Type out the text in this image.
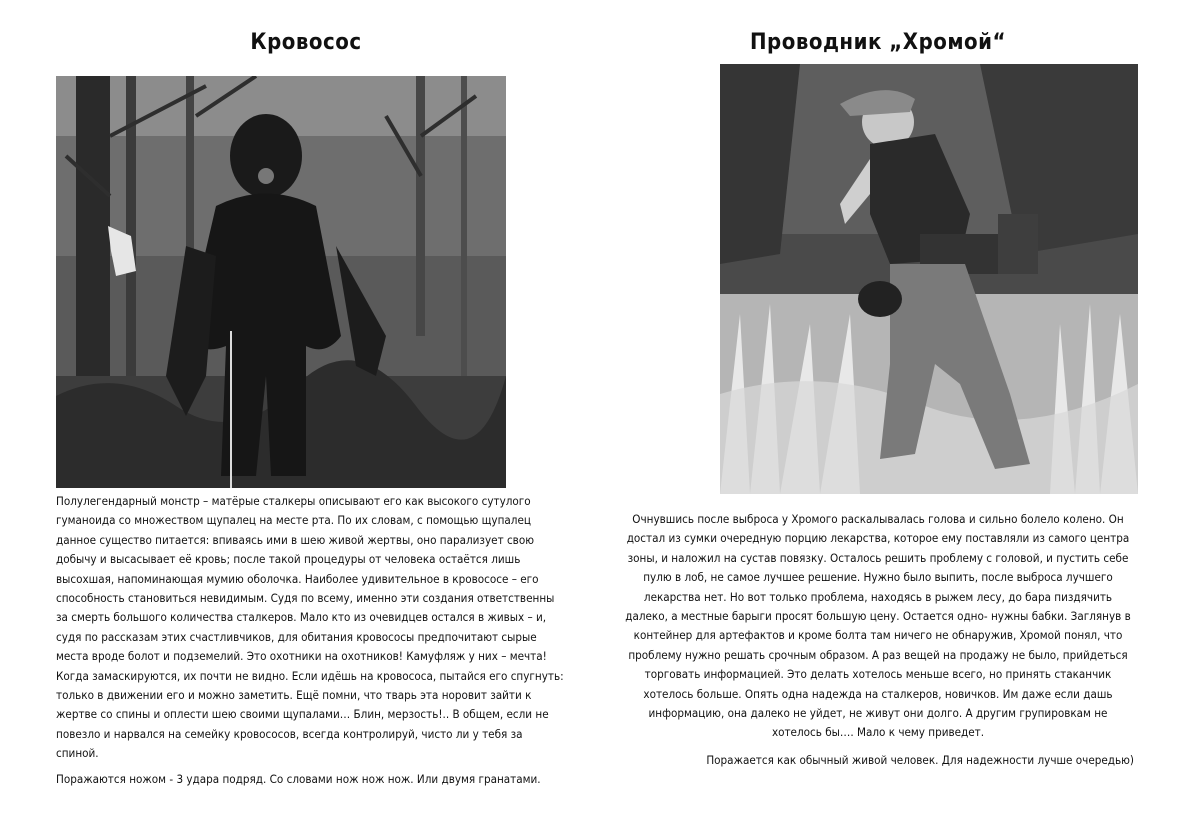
Кровосос

Полулегендарный монстр – матёрые сталкеры описывают его как высокого сутулого гуманоида со множеством щупалец на месте рта. По их словам, с помощью щупалец данное существо питается: впиваясь ими в шею живой жертвы, оно парализует свою добычу и высасывает её кровь; после такой процедуры от человека остаётся лишь высохшая, напоминающая мумию оболочка. Наиболее удивительное в кровососе – его способность становиться невидимым. Судя по всему, именно эти создания ответственны за смерть большого количества сталкеров. Мало кто из очевидцев остался в живых – и, судя по рассказам этих счастливчиков, для обитания кровососы предпочитают сырые места вроде болот и подземелий. Это охотники на охотников! Камуфляж у них – мечта! Когда замаскируются, их почти не видно. Если идёшь на кровососа, пытайся его спугнуть: только в движении его и можно заметить. Ещё помни, что тварь эта норовит зайти к жертве со спины и оплести шею своими щупалами… Блин, мерзость!.. В общем, если не повезло и нарвался на семейку кровососов, всегда контролируй, чисто ли у тебя за спиной.

Поражаются ножом - 3 удара подряд. Со словами нож нож нож. Или двумя гранатами.

Проводник „Хромой“

Очнувшись после выброса у Хромого раскалывалась голова и сильно болело колено. Он достал из сумки очередную порцию лекарства, которое ему поставляли из самого центра зоны, и наложил на сустав повязку. Осталось решить проблему с головой, и пустить себе пулю в лоб, не самое лучшее решение. Нужно было выпить, после выброса лучшего лекарства нет. Но вот только проблема, находясь в рыжем лесу, до бара пиздячить далеко, а местные барыги просят большую цену. Остается одно- нужны бабки. Заглянув в контейнер для артефактов и кроме болта там ничего не обнаружив, Хромой понял, что проблему нужно решать срочным образом. А раз вещей на продажу не было, прийдеться торговать информацией. Это делать хотелось меньше всего, но принять стаканчик хотелось больше. Опять одна надежда на сталкеров, новичков. Им даже если дашь информацию, она далеко не уйдет, не живут они долго. А другим групировкам не хотелось бы…. Мало к чему приведет.

Поражается как обычный живой человек. Для надежности лучше очередью)
